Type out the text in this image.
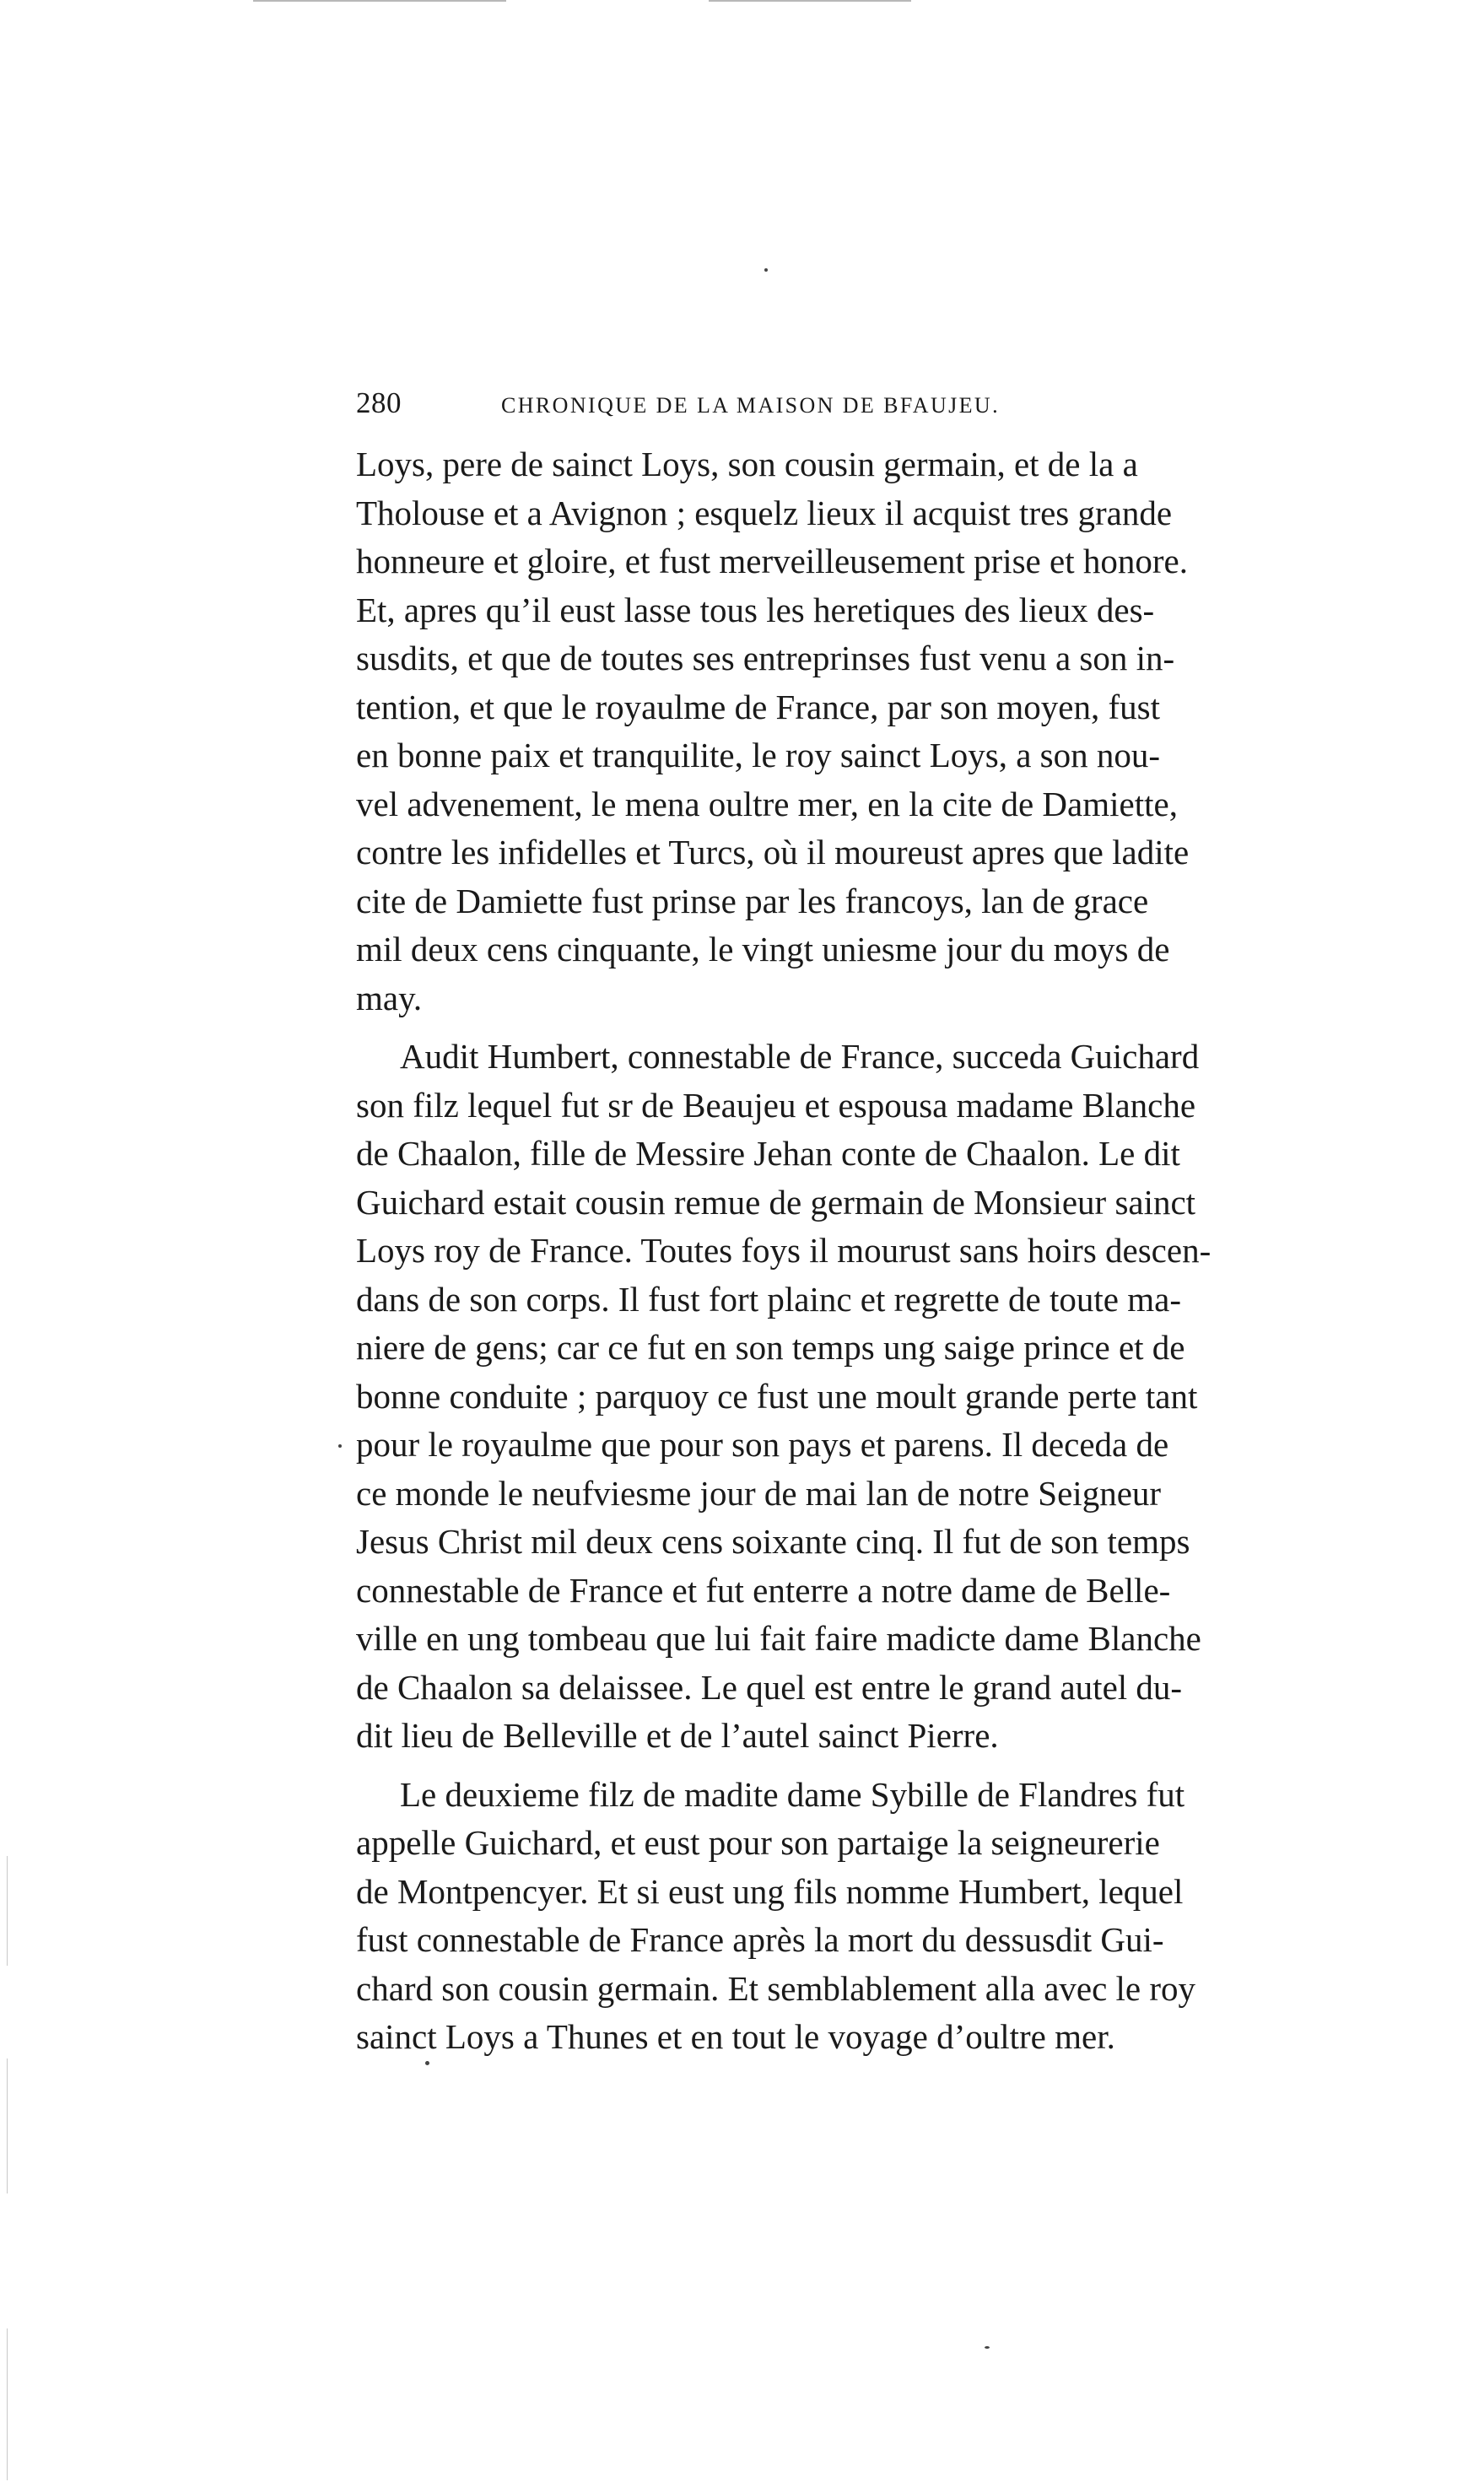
280	CHRONIQUE DE LA MAISON DE BFAUJEU.
Loys, pere de sainct Loys, son cousin germain, et de la a
Tholouse et a Avignon ; esquelz lieux il acquist tres grande
honneure et gloire, et fust merveilleusement prise et honore.
Et, apres qu’il eust lasse tous les heretiques des lieux des-
susdits, et que de toutes ses entreprinses fust venu a son in-
tention, et que le royaulme de France, par son moyen, fust
en bonne paix et tranquilite, le roy sainct Loys, a son nou-
vel advenement, le mena oultre mer, en la cite de Damiette,
contre les infidelles et Turcs, où il moureust apres que ladite
cite de Damiette fust prinse par les francoys, lan de grace
mil deux cens cinquante, le vingt uniesme jour du moys de
may.
Audit Humbert, connestable de France, succeda Guichard
son filz lequel fut sr de Beaujeu et espousa madame Blanche
de Chaalon, fille de Messire Jehan conte de Chaalon. Le dit
Guichard estait cousin remue de germain de Monsieur sainct
Loys roy de France. Toutes foys il mourust sans hoirs descen-
dans de son corps. Il fust fort plainc et regrette de toute ma-
niere de gens; car ce fut en son temps ung saige prince et de
bonne conduite ; parquoy ce fust une moult grande perte tant
pour le royaulme que pour son pays et parens. Il deceda de
ce monde le neufviesme jour de mai lan de notre Seigneur
Jesus Christ mil deux cens soixante cinq. Il fut de son temps
connestable de France et fut enterre a notre dame de Belle-
ville en ung tombeau que lui fait faire madicte dame Blanche
de Chaalon sa delaissee. Le quel est entre le grand autel du-
dit lieu de Belleville et de l’autel sainct Pierre.
Le deuxieme filz de madite dame Sybille de Flandres fut
appelle Guichard, et eust pour son partaige la seigneurerie
de Montpencyer. Et si eust ung fils nomme Humbert, lequel
fust connestable de France après la mort du dessusdit Gui-
chard son cousin germain. Et semblablement alla avec le roy
sainct Loys a Thunes et en tout le voyage d’oultre mer.
